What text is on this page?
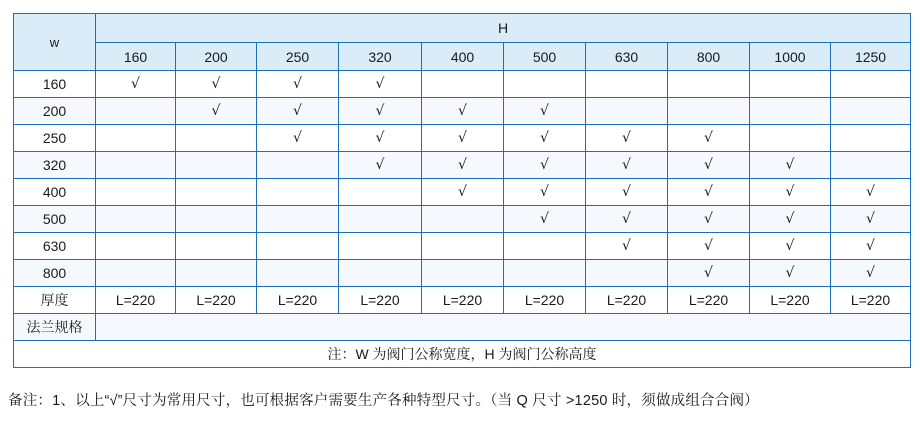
w	H									
	160	200	250	320	400	500	630	800	1000	1250
160	√	√	√	√						
200		√	√	√	√	√				
250			√	√	√	√	√	√		
320				√	√	√	√	√	√	
400					√	√	√	√	√	√
500						√	√	√	√	√
630							√	√	√	√
800								√	√	√
厚度	L=220	L=220	L=220	L=220	L=220	L=220	L=220	L=220	L=220	L=220
法兰规格										
注：W 为阀门公称宽度，H 为阀门公称高度										
备注：1、以上“√”尺寸为常用尺寸，也可根据客户需要生产各种特型尺寸。（当 Q 尺寸 >1250 时，须做成组合合阀）
